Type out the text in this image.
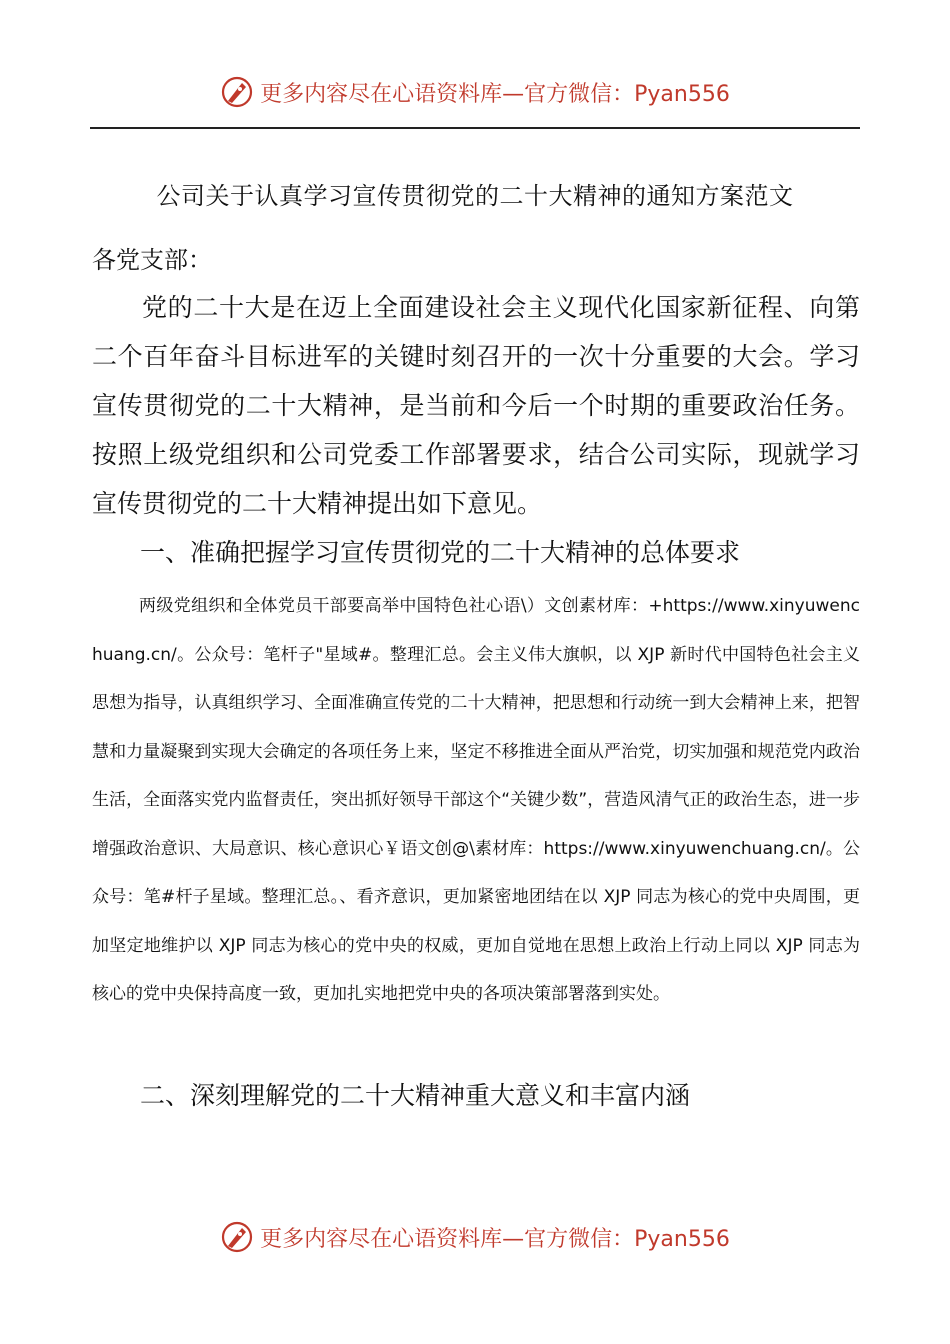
更多内容尽在心语资料库—官方微信：Pyan556
公司关于认真学习宣传贯彻党的二十大精神的通知方案范文
各党支部：
党的二十大是在迈上全面建设社会主义现代化国家新征程、向第二个百年奋斗目标进军的关键时刻召开的一次十分重要的大会。学习宣传贯彻党的二十大精神，是当前和今后一个时期的重要政治任务。按照上级党组织和公司党委工作部署要求，结合公司实际，现就学习宣传贯彻党的二十大精神提出如下意见。
一、准确把握学习宣传贯彻党的二十大精神的总体要求
两级党组织和全体党员干部要高举中国特色社心语\）文创素材库：+https://www.xinyuwenchuang.cn/。公众号：笔杆子"星域#。整理汇总。会主义伟大旗帜，以 XJP 新时代中国特色社会主义思想为指导，认真组织学习、全面准确宣传党的二十大精神，把思想和行动统一到大会精神上来，把智慧和力量凝聚到实现大会确定的各项任务上来，坚定不移推进全面从严治党，切实加强和规范党内政治生活，全面落实党内监督责任，突出抓好领导干部这个“关键少数”，营造风清气正的政治生态，进一步增强政治意识、大局意识、核心意识心￥语文创@\素材库：https://www.xinyuwenchuang.cn/。公众号：笔#杆子星域。整理汇总。、看齐意识，更加紧密地团结在以 XJP 同志为核心的党中央周围，更加坚定地维护以 XJP 同志为核心的党中央的权威，更加自觉地在思想上政治上行动上同以 XJP 同志为核心的党中央保持高度一致，更加扎实地把党中央的各项决策部署落到实处。
二、深刻理解党的二十大精神重大意义和丰富内涵
更多内容尽在心语资料库—官方微信：Pyan556
